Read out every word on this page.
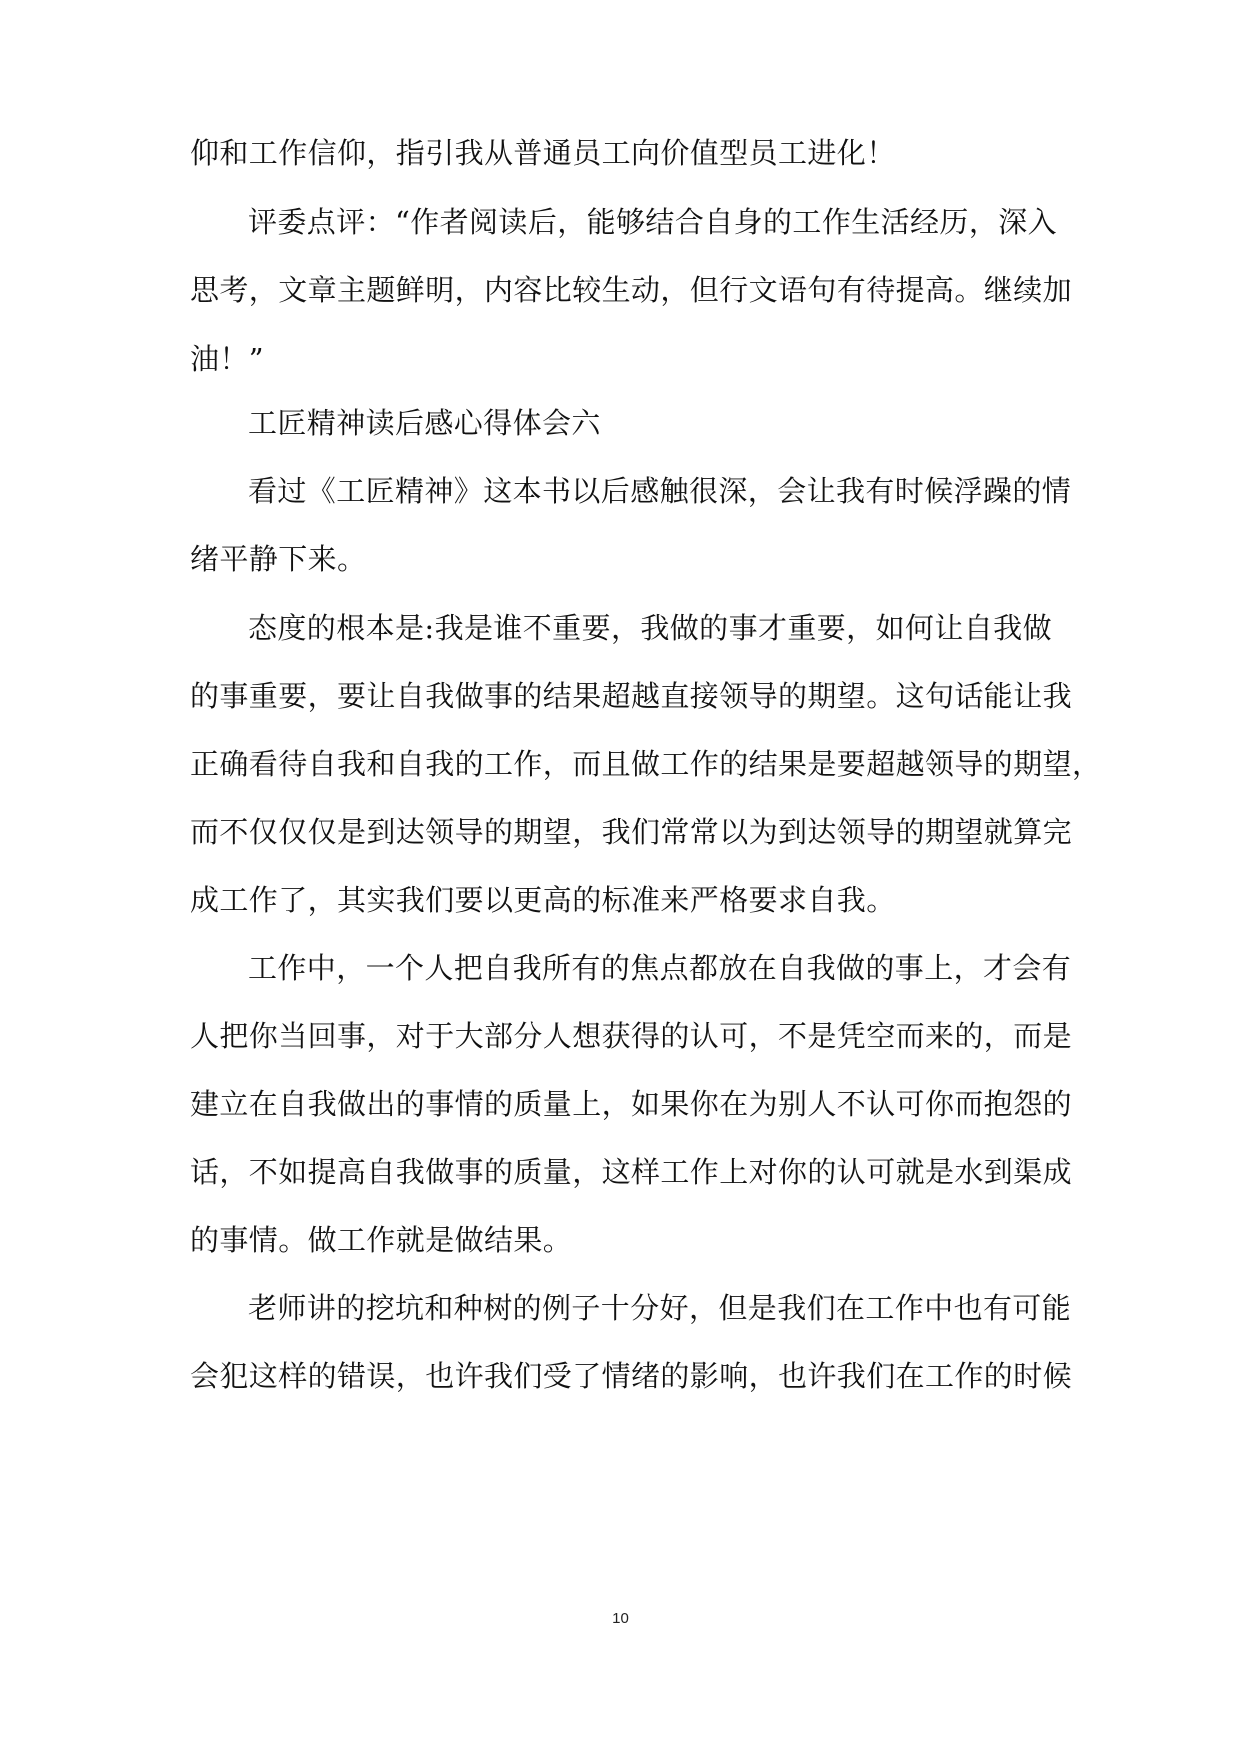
仰和工作信仰，指引我从普通员工向价值型员工进化！
评委点评：“作者阅读后，能够结合自身的工作生活经历，深入
思考，文章主题鲜明，内容比较生动，但行文语句有待提高。继续加
油！”
工匠精神读后感心得体会六
看过《工匠精神》这本书以后感触很深，会让我有时候浮躁的情
绪平静下来。
态度的根本是:我是谁不重要，我做的事才重要，如何让自我做
的事重要，要让自我做事的结果超越直接领导的期望。这句话能让我
正确看待自我和自我的工作，而且做工作的结果是要超越领导的期望，
而不仅仅仅是到达领导的期望，我们常常以为到达领导的期望就算完
成工作了，其实我们要以更高的标准来严格要求自我。
工作中，一个人把自我所有的焦点都放在自我做的事上，才会有
人把你当回事，对于大部分人想获得的认可，不是凭空而来的，而是
建立在自我做出的事情的质量上，如果你在为别人不认可你而抱怨的
话，不如提高自我做事的质量，这样工作上对你的认可就是水到渠成
的事情。做工作就是做结果。
老师讲的挖坑和种树的例子十分好，但是我们在工作中也有可能
会犯这样的错误，也许我们受了情绪的影响，也许我们在工作的时候
10
